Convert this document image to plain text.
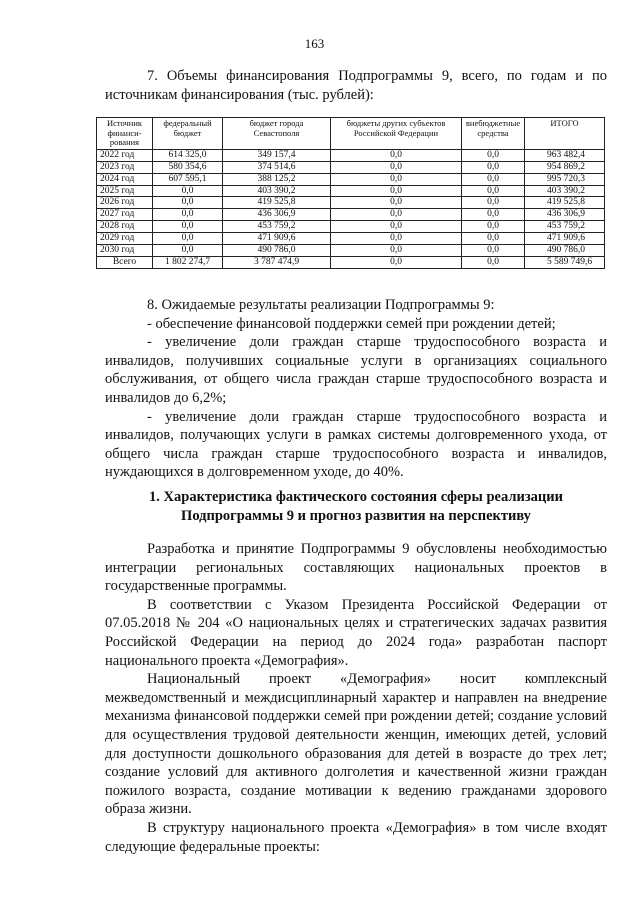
163

7. Объемы финансирования Подпрограммы 9, всего, по годам и по источникам финансирования (тыс. рублей):

Источник финанси-рования	федеральный бюджет	бюджет города Севастополя	бюджеты других субъектов Российской Федерации	внебюджетные средства	ИТОГО
2022 год	614 325,0	349 157,4	0,0	0,0	963 482,4
2023 год	580 354,6	374 514,6	0,0	0,0	954 869,2
2024 год	607 595,1	388 125,2	0,0	0,0	995 720,3
2025 год	0,0	403 390,2	0,0	0,0	403 390,2
2026 год	0,0	419 525,8	0,0	0,0	419 525,8
2027 год	0,0	436 306,9	0,0	0,0	436 306,9
2028 год	0,0	453 759,2	0,0	0,0	453 759,2
2029 год	0,0	471 909,6	0,0	0,0	471 909,6
2030 год	0,0	490 786,0	0,0	0,0	490 786,0
Всего	1 802 274,7	3 787 474,9	0,0	0,0	5 589 749,6

8. Ожидаемые результаты реализации Подпрограммы 9:

- обеспечение финансовой поддержки семей при рождении детей;

- увеличение доли граждан старше трудоспособного возраста и инвалидов, получивших социальные услуги в организациях социального обслуживания, от общего числа граждан старше трудоспособного возраста и инвалидов до 6,2%;

- увеличение доли граждан старше трудоспособного возраста и инвалидов, получающих услуги в рамках системы долговременного ухода, от общего числа граждан старше трудоспособного возраста и инвалидов, нуждающихся в долговременном уходе, до 40%.

1. Характеристика фактического состояния сферы реализации
Подпрограммы 9 и прогноз развития на перспективу

Разработка и принятие Подпрограммы 9 обусловлены необходимостью интеграции региональных составляющих национальных проектов в государственные программы.

В соответствии с Указом Президента Российской Федерации от 07.05.2018 № 204 «О национальных целях и стратегических задачах развития Российской Федерации на период до 2024 года» разработан паспорт национального проекта «Демография».

Национальный проект «Демография» носит комплексный межведомственный и междисциплинарный характер и направлен на внедрение механизма финансовой поддержки семей при рождении детей; создание условий для осуществления трудовой деятельности женщин, имеющих детей, условий для доступности дошкольного образования для детей в возрасте до трех лет; создание условий для активного долголетия и качественной жизни граждан пожилого возраста, создание мотивации к ведению гражданами здорового образа жизни.

В структуру национального проекта «Демография» в том числе входят следующие федеральные проекты:
